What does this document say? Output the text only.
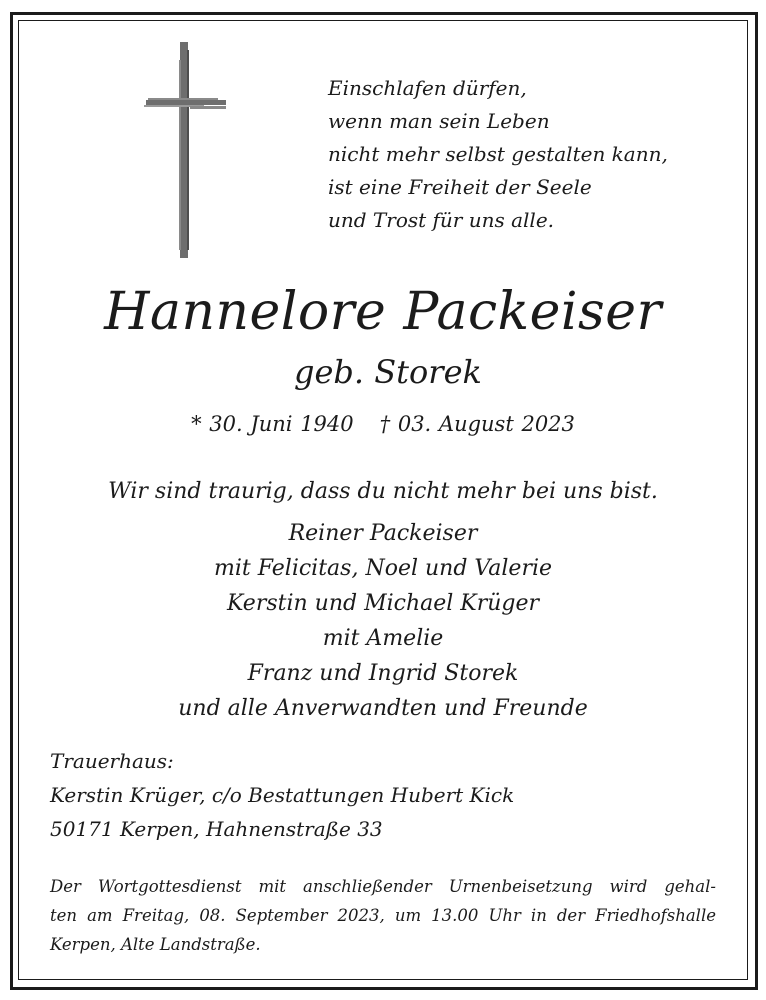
Einschlafen dürfen,
wenn man sein Leben
nicht mehr selbst gestalten kann,
ist eine Freiheit der Seele
und Trost für uns alle.
Hannelore Packeiser
geb. Storek
* 30. Juni 1940 † 03. August 2023
Wir sind traurig, dass du nicht mehr bei uns bist.
Reiner Packeiser
mit Felicitas, Noel und Valerie
Kerstin und Michael Krüger
mit Amelie
Franz und Ingrid Storek
und alle Anverwandten und Freunde
Trauerhaus:
Kerstin Krüger, c/o Bestattungen Hubert Kick
50171 Kerpen, Hahnenstraße 33
Der Wortgottesdienst mit anschließender Urnenbeisetzung wird gehal-
ten am Freitag, 08. September 2023, um 13.00 Uhr in der Friedhofshalle
Kerpen, Alte Landstraße.
